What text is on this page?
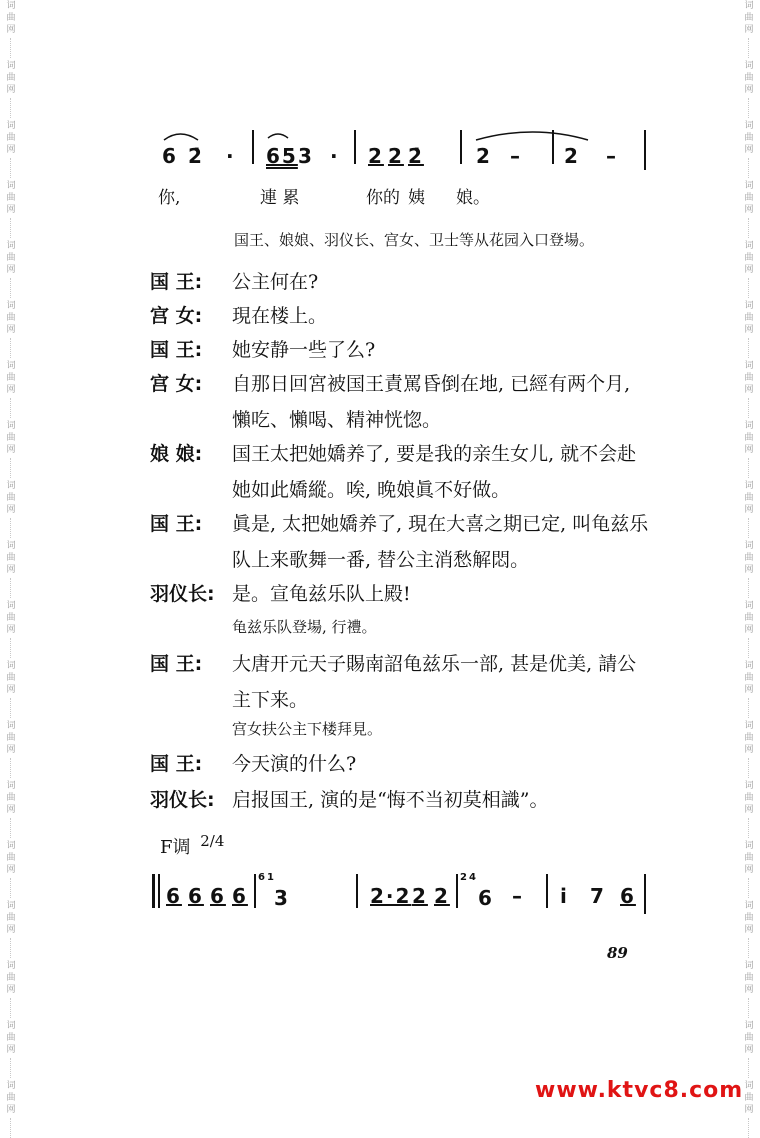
词
曲
网
词
曲
网
词
曲
网
词
曲
网
词
曲
网
词
曲
网
词
曲
网
词
曲
网
词
曲
网
词
曲
网
词
曲
网
词
曲
网
词
曲
网
词
曲
网
词
曲
网
词
曲
网
词
曲
网
词
曲
网
词
曲
网
词
曲
网
词
曲
网
词
曲
网
词
曲
网
词
曲
网
词
曲
网
词
曲
网
词
曲
网
词
曲
网
词
曲
网
词
曲
网
词
曲
网
词
曲
网
词
曲
网
词
曲
网
词
曲
网
词
曲
网
词
曲
网
词
曲
网
6 2̇ · 65 3 · 2 2 2̇	2 – 2 –
你,	連 累	你的 姨 娘。
国王、娘娘、羽仪长、宫女、卫士等从花园入口登場。
国 王: 公主何在?
宫 女: 現在楼上。
国 王: 她安静一些了么?
宫 女: 自那日回宮被国王責罵昏倒在地, 已經有两个月, 懶吃、懶喝、精神恍惚。
娘 娘: 国王太把她嬌养了, 要是我的亲生女儿, 就不会赴她如此嬌縱。唉, 晚娘眞不好做。
国 王: 眞是, 太把她嬌养了, 現在大喜之期已定, 叫龟兹乐队上来歌舞一番, 替公主消愁解悶。
羽仪长: 是。宣龟兹乐队上殿!
龟兹乐队登場, 行禮。
国 王: 大唐开元天子賜南詔龟兹乐一部, 甚是优美, 請公主下来。
宫女扶公主下楼拜見。
国 王: 今天演的什么?
羽仪长: 启报国王, 演的是“悔不当初莫相識”。
F调 $^{2/4}$
6 6 6 6
61
3	2·2 2 2
24
6 – i̇ 7 6
89
www.ktvc8.com
